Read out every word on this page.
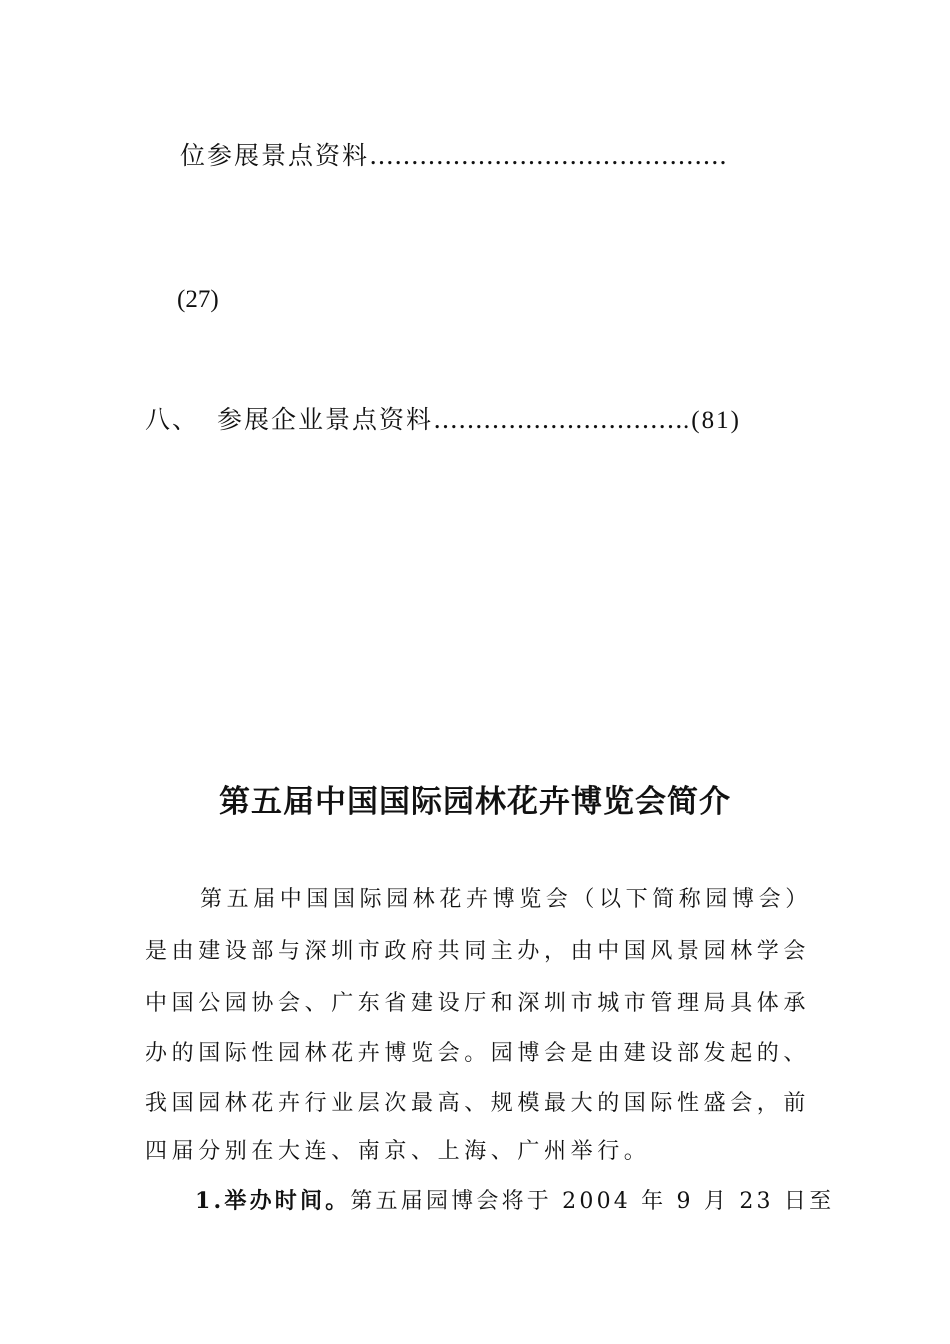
位参展景点资料…………………………………….
(27)
八、 参展企业景点资料………………………….(81)
第五届中国国际园林花卉博览会简介
第五届中国国际园林花卉博览会（以下简称园博会）
是由建设部与深圳市政府共同主办，由中国风景园林学会
中国公园协会、广东省建设厅和深圳市城市管理局具体承
办的国际性园林花卉博览会。园博会是由建设部发起的、
我国园林花卉行业层次最高、规模最大的国际性盛会，前
四届分别在大连、南京、上海、广州举行。
1.举办时间。第五届园博会将于 2004 年 9 月 23 日至
